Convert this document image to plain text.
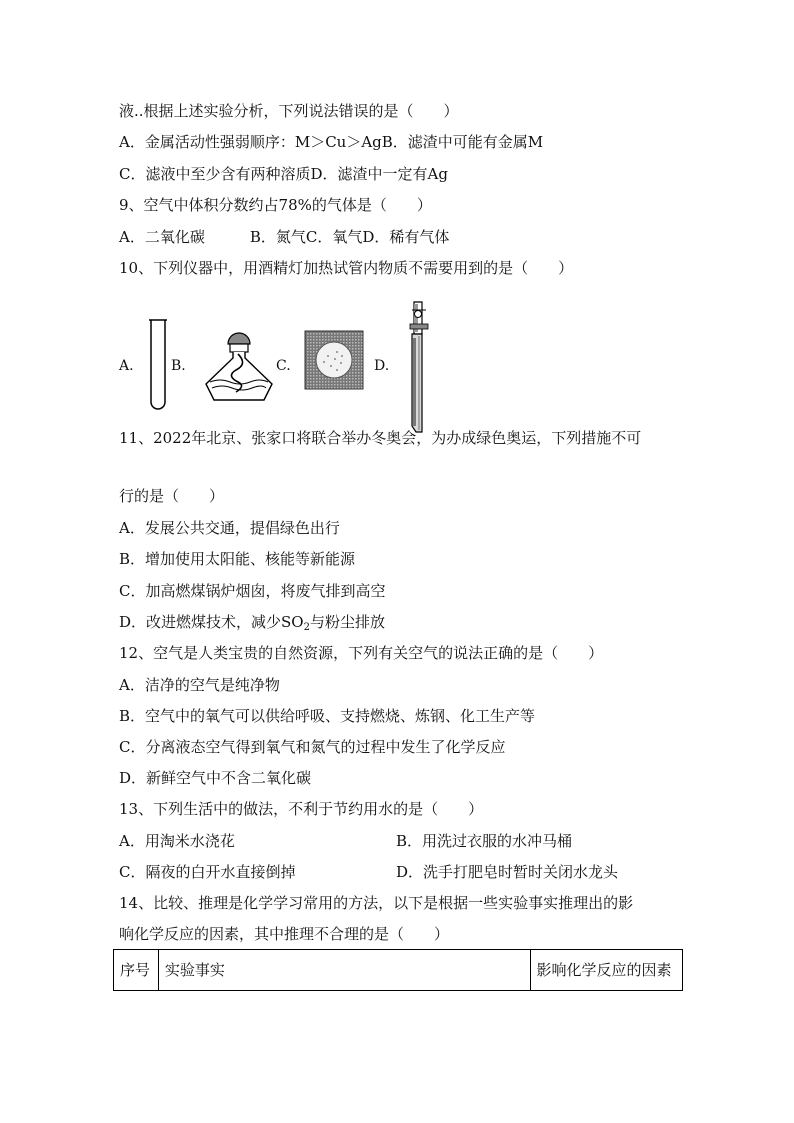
液..根据上述实验分析，下列说法错误的是（　　）
A．金属活动性强弱顺序：M＞Cu＞AgB．滤渣中可能有金属M
C．滤液中至少含有两种溶质D．滤渣中一定有Ag
9、空气中体积分数约占78%的气体是（　　）
A．二氧化碳　　　B．氮气C．氧气D．稀有气体
10、下列仪器中，用酒精灯加热试管内物质不需要用到的是（　　）
A.	B.	C.	D.
11、2022年北京、张家口将联合举办冬奥会，为办成绿色奥运，下列措施不可
行的是（　　）
A．发展公共交通，提倡绿色出行
B．增加使用太阳能、核能等新能源
C．加高燃煤锅炉烟囱，将废气排到高空
D．改进燃煤技术，减少$SO_2$与粉尘排放
12、空气是人类宝贵的自然资源，下列有关空气的说法正确的是（　　）
A．洁净的空气是纯净物
B．空气中的氧气可以供给呼吸、支持燃烧、炼钢、化工生产等
C．分离液态空气得到氧气和氮气的过程中发生了化学反应
D．新鲜空气中不含二氧化碳
13、下列生活中的做法，不利于节约用水的是（　　）
A．用淘米水浇花	B．用洗过衣服的水冲马桶
C．隔夜的白开水直接倒掉	D．洗手打肥皂时暂时关闭水龙头
14、比较、推理是化学学习常用的方法，以下是根据一些实验事实推理出的影
响化学反应的因素，其中推理不合理的是（　　）
序号	实验事实	影响化学反应的因素
